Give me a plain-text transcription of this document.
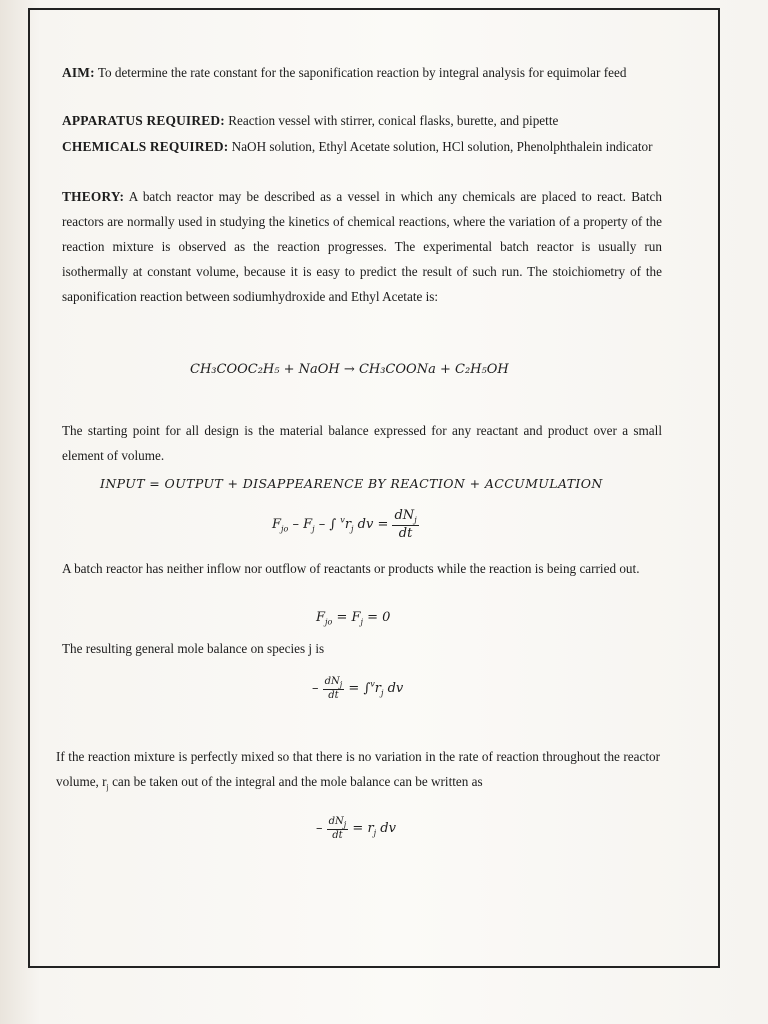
AIM: To determine the rate constant for the saponification reaction by integral analysis for equimolar feed
APPARATUS REQUIRED: Reaction vessel with stirrer, conical flasks, burette, and pipette
CHEMICALS REQUIRED: NaOH solution, Ethyl Acetate solution, HCl solution, Phenolphthalein indicator
THEORY: A batch reactor may be described as a vessel in which any chemicals are placed to react. Batch reactors are normally used in studying the kinetics of chemical reactions, where the variation of a property of the reaction mixture is observed as the reaction progresses. The experimental batch reactor is usually run isothermally at constant volume, because it is easy to predict the result of such run. The stoichiometry of the saponification reaction between sodiumhydroxide and Ethyl Acetate is:
CH₃COOC₂H₅ + NaOH → CH₃COONa + C₂H₅OH
The starting point for all design is the material balance expressed for any reactant and product over a small element of volume.
INPUT = OUTPUT + DISAPPEARENCE BY REACTION + ACCUMULATION
$F_{jo} - F_j$ – ∫ $^vr_j$ dv = $\frac{dN_j}{dt}$
A batch reactor has neither inflow nor outflow of reactants or products while the reaction is being carried out.
$F_{jo} = F_j = 0$
The resulting general mole balance on species j is
– $\frac{dN_j}{dt} = \int^vr_j$ dv
If the reaction mixture is perfectly mixed so that there is no variation in the rate of reaction throughout the reactor volume, $r_j$ can be taken out of the integral and the mole balance can be written as
– $\frac{dN_j}{dt} = r_j$ dv
